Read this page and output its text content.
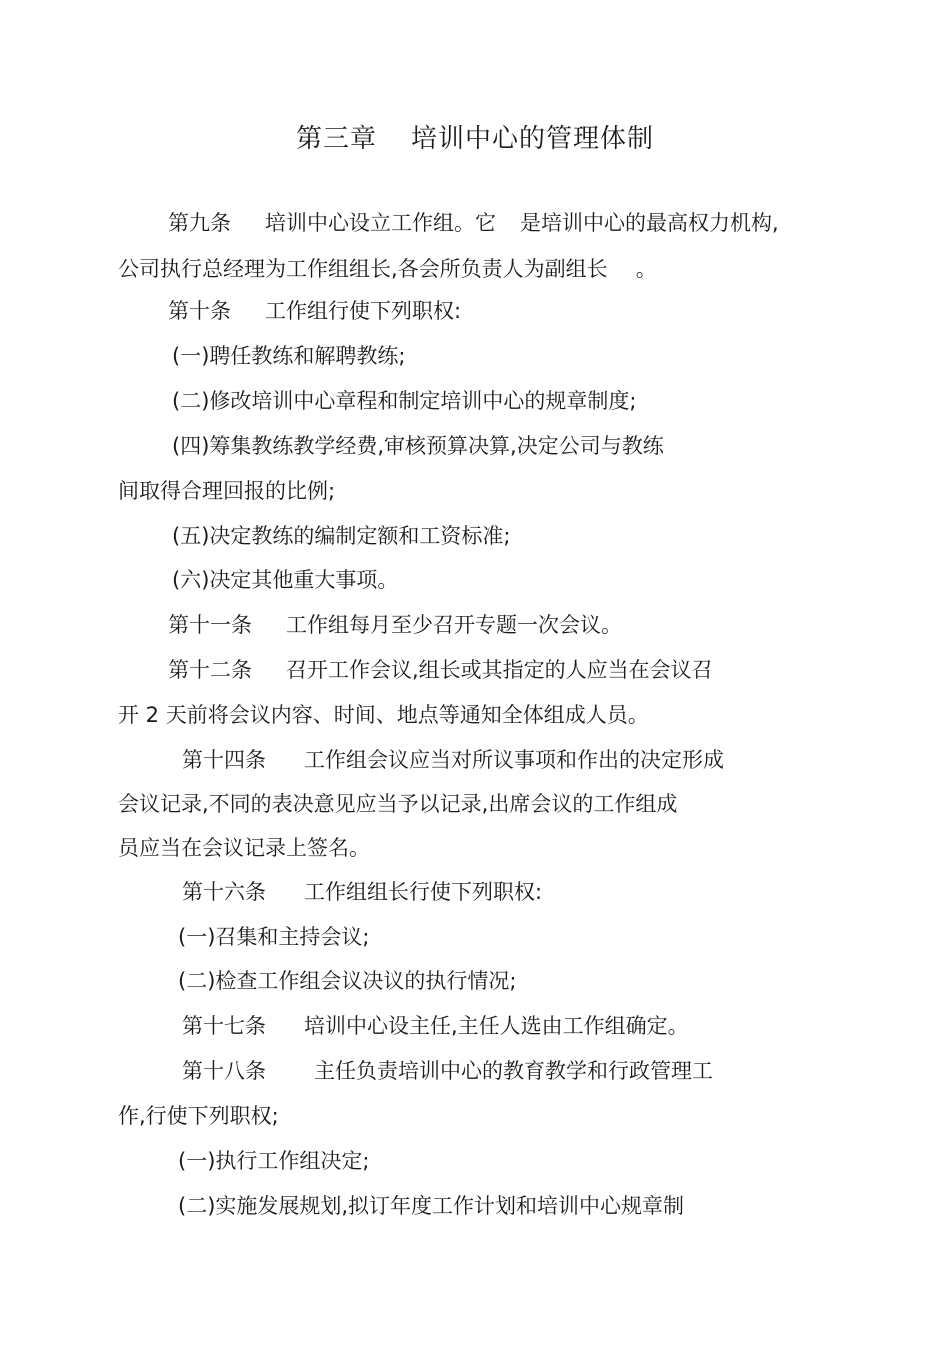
第三章 培训中心的管理体制
第九条 培训中心设立工作组。它 是培训中心的最高权力机构,
公司执行总经理为工作组组长,各会所负责人为副组长 。
第十条 工作组行使下列职权:
(一)聘任教练和解聘教练;
(二)修改培训中心章程和制定培训中心的规章制度;
(四)筹集教练教学经费,审核预算决算,决定公司与教练
间取得合理回报的比例;
(五)决定教练的编制定额和工资标准;
(六)决定其他重大事项。
第十一条 工作组每月至少召开专题一次会议。
第十二条 召开工作会议,组长或其指定的人应当在会议召
开 2 天前将会议内容、时间、地点等通知全体组成人员。
第十四条 工作组会议应当对所议事项和作出的决定形成
会议记录,不同的表决意见应当予以记录,出席会议的工作组成
员应当在会议记录上签名。
第十六条 工作组组长行使下列职权:
(一)召集和主持会议;
(二)检查工作组会议决议的执行情况;
第十七条 培训中心设主任,主任人选由工作组确定。
第十八条 主任负责培训中心的教育教学和行政管理工
作,行使下列职权;
(一)执行工作组决定;
(二)实施发展规划,拟订年度工作计划和培训中心规章制
